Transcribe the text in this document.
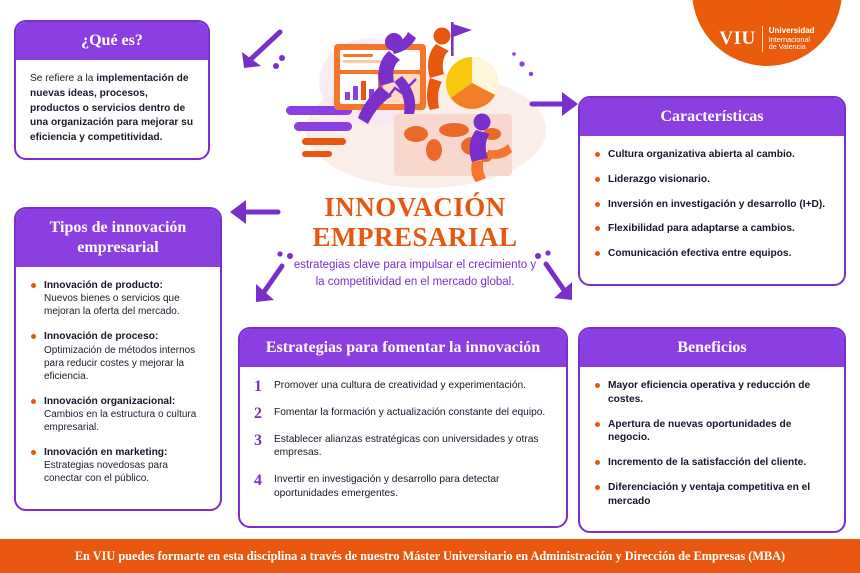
VIU Universidad
Internacional
de Valencia
INNOVACIÓN
EMPRESARIAL
estrategias clave para impulsar el crecimiento y la competitividad en el mercado global.
¿Qué es?
Se refiere a la implementación de nuevas ideas, procesos, productos o servicios dentro de una organización para mejorar su eficiencia y competitividad.
Características
Cultura organizativa abierta al cambio.
Liderazgo visionario.
Inversión en investigación y desarrollo (I+D).
Flexibilidad para adaptarse a cambios.
Comunicación efectiva entre equipos.
Tipos de innovación empresarial
Innovación de producto:
Nuevos bienes o servicios que mejoran la oferta del mercado.
Innovación de proceso:
Optimización de métodos internos para reducir costes y mejorar la eficiencia.
Innovación organizacional:
Cambios en la estructura o cultura empresarial.
Innovación en marketing:
Estrategias novedosas para conectar con el público.
Estrategias para fomentar la innovación
1 Promover una cultura de creatividad y experimentación.
2 Fomentar la formación y actualización constante del equipo.
3 Establecer alianzas estratégicas con universidades y otras empresas.
4 Invertir en investigación y desarrollo para detectar oportunidades emergentes.
Beneficios
Mayor eficiencia operativa y reducción de costes.
Apertura de nuevas oportunidades de negocio.
Incremento de la satisfacción del cliente.
Diferenciación y ventaja competitiva en el mercado
En VIU puedes formarte en esta disciplina a través de nuestro Máster Universitario en Administración y Dirección de Empresas (MBA)
